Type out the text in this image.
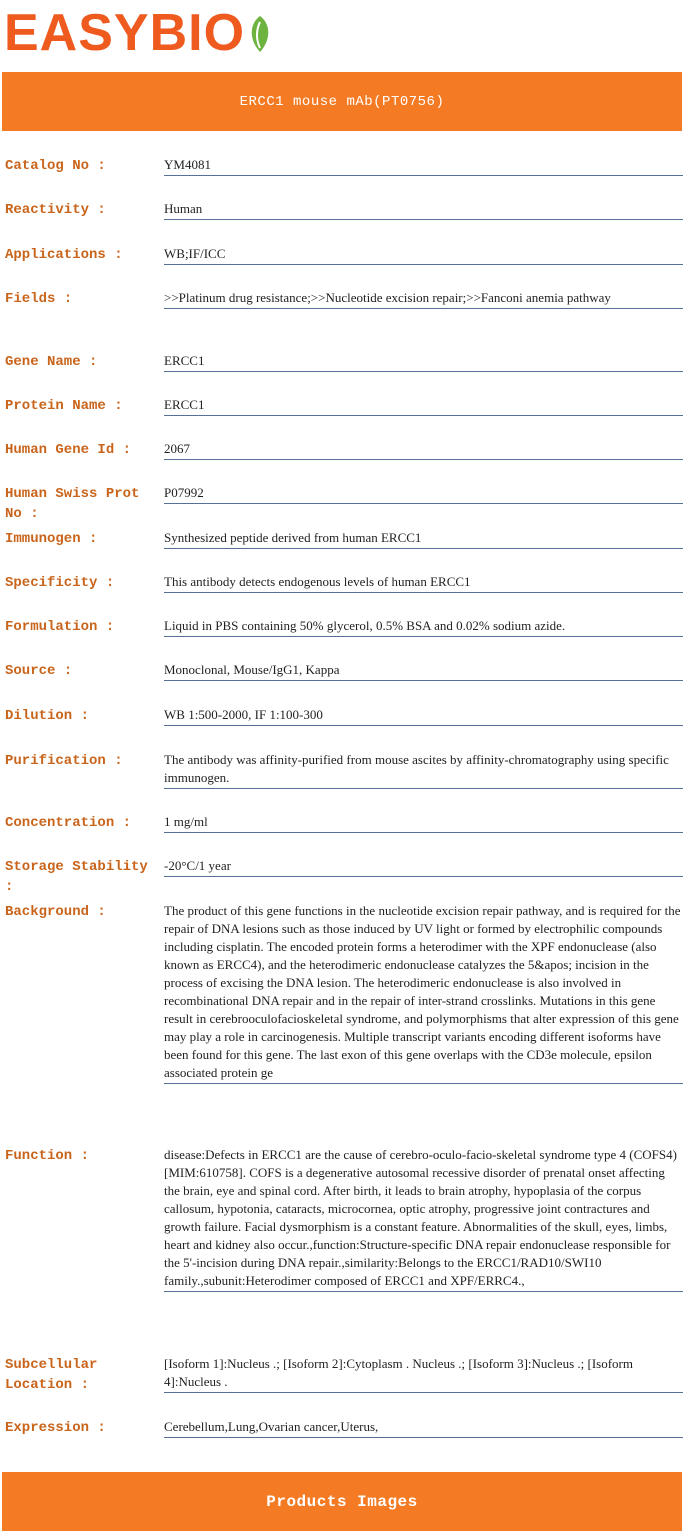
EASYBIO
ERCC1 mouse mAb(PT0756)
Catalog No :	YM4081
Reactivity :	Human
Applications :	WB;IF/ICC
Fields :	>>Platinum drug resistance;>>Nucleotide excision repair;>>Fanconi anemia pathway
Gene Name :	ERCC1
Protein Name :	ERCC1
Human Gene Id :	2067
Human Swiss Prot No :
P07992
Immunogen :	Synthesized peptide derived from human ERCC1
Specificity :	This antibody detects endogenous levels of human ERCC1
Formulation :	Liquid in PBS containing 50% glycerol, 0.5% BSA and 0.02% sodium azide.
Source :	Monoclonal, Mouse/IgG1, Kappa
Dilution :	WB 1:500-2000, IF 1:100-300
Purification :	The antibody was affinity-purified from mouse ascites by affinity-chromatography using specific immunogen.
Concentration :	1 mg/ml
Storage Stability :
-20°C/1 year
Background :	The product of this gene functions in the nucleotide excision repair pathway, and is required for the repair of DNA lesions such as those induced by UV light or formed by electrophilic compounds including cisplatin. The encoded protein forms a heterodimer with the XPF endonuclease (also known as ERCC4), and the heterodimeric endonuclease catalyzes the 5&apos; incision in the process of excising the DNA lesion. The heterodimeric endonuclease is also involved in recombinational DNA repair and in the repair of inter-strand crosslinks. Mutations in this gene result in cerebrooculofacioskeletal syndrome, and polymorphisms that alter expression of this gene may play a role in carcinogenesis. Multiple transcript variants encoding different isoforms have been found for this gene. The last exon of this gene overlaps with the CD3e molecule, epsilon associated protein ge
Function :	disease:Defects in ERCC1 are the cause of cerebro-oculo-facio-skeletal syndrome type 4 (COFS4) [MIM:610758]. COFS is a degenerative autosomal recessive disorder of prenatal onset affecting the brain, eye and spinal cord. After birth, it leads to brain atrophy, hypoplasia of the corpus callosum, hypotonia, cataracts, microcornea, optic atrophy, progressive joint contractures and growth failure. Facial dysmorphism is a constant feature. Abnormalities of the skull, eyes, limbs, heart and kidney also occur.,function:Structure-specific DNA repair endonuclease responsible for the 5'-incision during DNA repair.,similarity:Belongs to the ERCC1/RAD10/SWI10 family.,subunit:Heterodimer composed of ERCC1 and XPF/ERRC4.,
Subcellular Location :
[Isoform 1]:Nucleus .; [Isoform 2]:Cytoplasm . Nucleus .; [Isoform 3]:Nucleus .; [Isoform 4]:Nucleus .
Expression :	Cerebellum,Lung,Ovarian cancer,Uterus,
Products Images
